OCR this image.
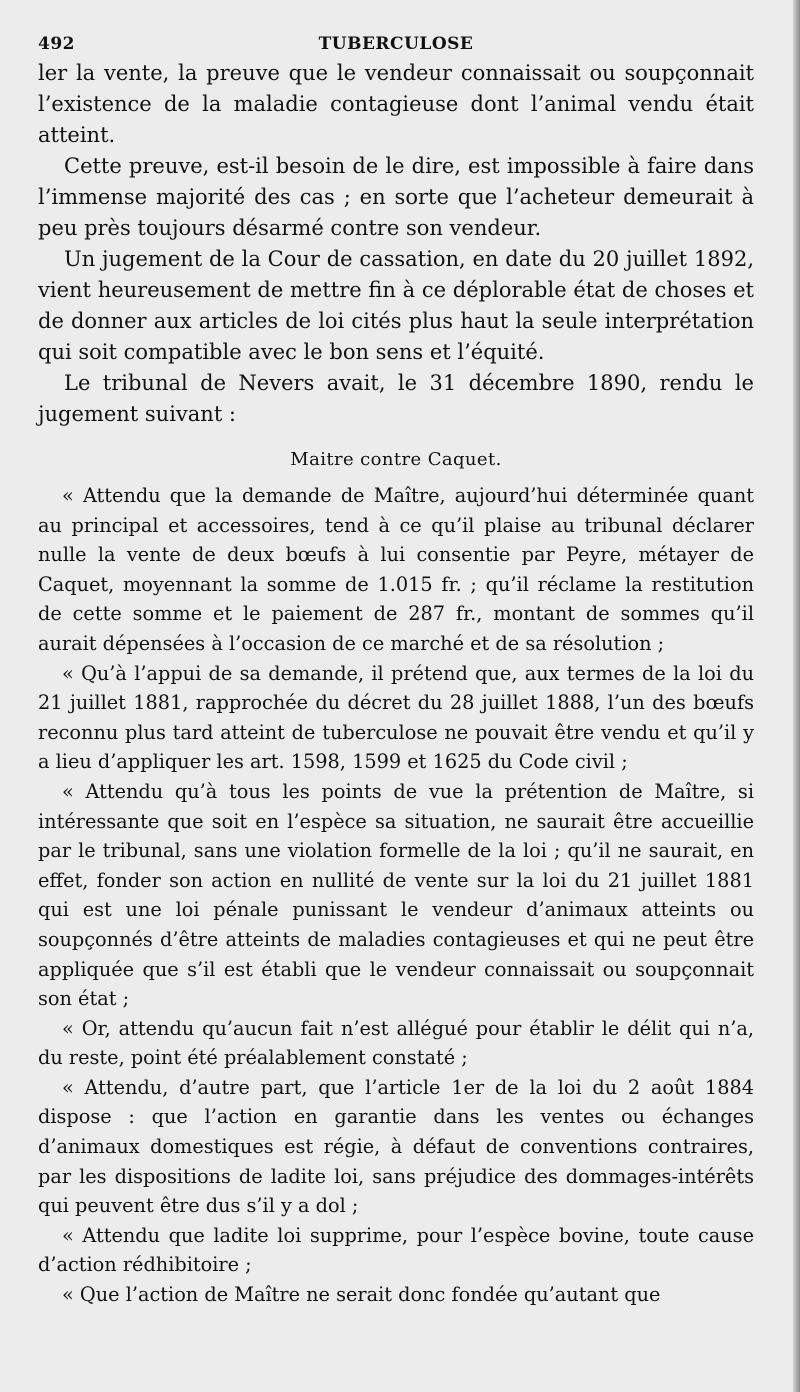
492	TUBERCULOSE

ler la vente, la preuve que le vendeur connaissait ou soupçonnait l’existence de la maladie contagieuse dont l’animal vendu était atteint.

Cette preuve, est-il besoin de le dire, est impossible à faire dans l’immense majorité des cas ; en sorte que l’acheteur demeurait à peu près toujours désarmé contre son vendeur.

Un jugement de la Cour de cassation, en date du 20 juillet 1892, vient heureusement de mettre fin à ce déplorable état de choses et de donner aux articles de loi cités plus haut la seule interprétation qui soit compatible avec le bon sens et l’équité.

Le tribunal de Nevers avait, le 31 décembre 1890, rendu le jugement suivant :

Maitre contre Caquet.

« Attendu que la demande de Maître, aujourd’hui déterminée quant au principal et accessoires, tend à ce qu’il plaise au tribunal déclarer nulle la vente de deux bœufs à lui consentie par Peyre, métayer de Caquet, moyennant la somme de 1.015 fr. ; qu’il réclame la restitution de cette somme et le paiement de 287 fr., montant de sommes qu’il aurait dépensées à l’occasion de ce marché et de sa résolution ;

« Qu’à l’appui de sa demande, il prétend que, aux termes de la loi du 21 juillet 1881, rapprochée du décret du 28 juillet 1888, l’un des bœufs reconnu plus tard atteint de tuberculose ne pouvait être vendu et qu’il y a lieu d’appliquer les art. 1598, 1599 et 1625 du Code civil ;

« Attendu qu’à tous les points de vue la prétention de Maître, si intéressante que soit en l’espèce sa situation, ne saurait être accueillie par le tribunal, sans une violation formelle de la loi ; qu’il ne saurait, en effet, fonder son action en nullité de vente sur la loi du 21 juillet 1881 qui est une loi pénale punissant le vendeur d’animaux atteints ou soupçonnés d’être atteints de maladies contagieuses et qui ne peut être appliquée que s’il est établi que le vendeur connaissait ou soupçonnait son état ;

« Or, attendu qu’aucun fait n’est allégué pour établir le délit qui n’a, du reste, point été préalablement constaté ;

« Attendu, d’autre part, que l’article 1er de la loi du 2 août 1884 dispose : que l’action en garantie dans les ventes ou échanges d’animaux domestiques est régie, à défaut de conventions contraires, par les dispositions de ladite loi, sans préjudice des dommages-intérêts qui peuvent être dus s’il y a dol ;

« Attendu que ladite loi supprime, pour l’espèce bovine, toute cause d’action rédhibitoire ;

« Que l’action de Maître ne serait donc fondée qu’autant que
